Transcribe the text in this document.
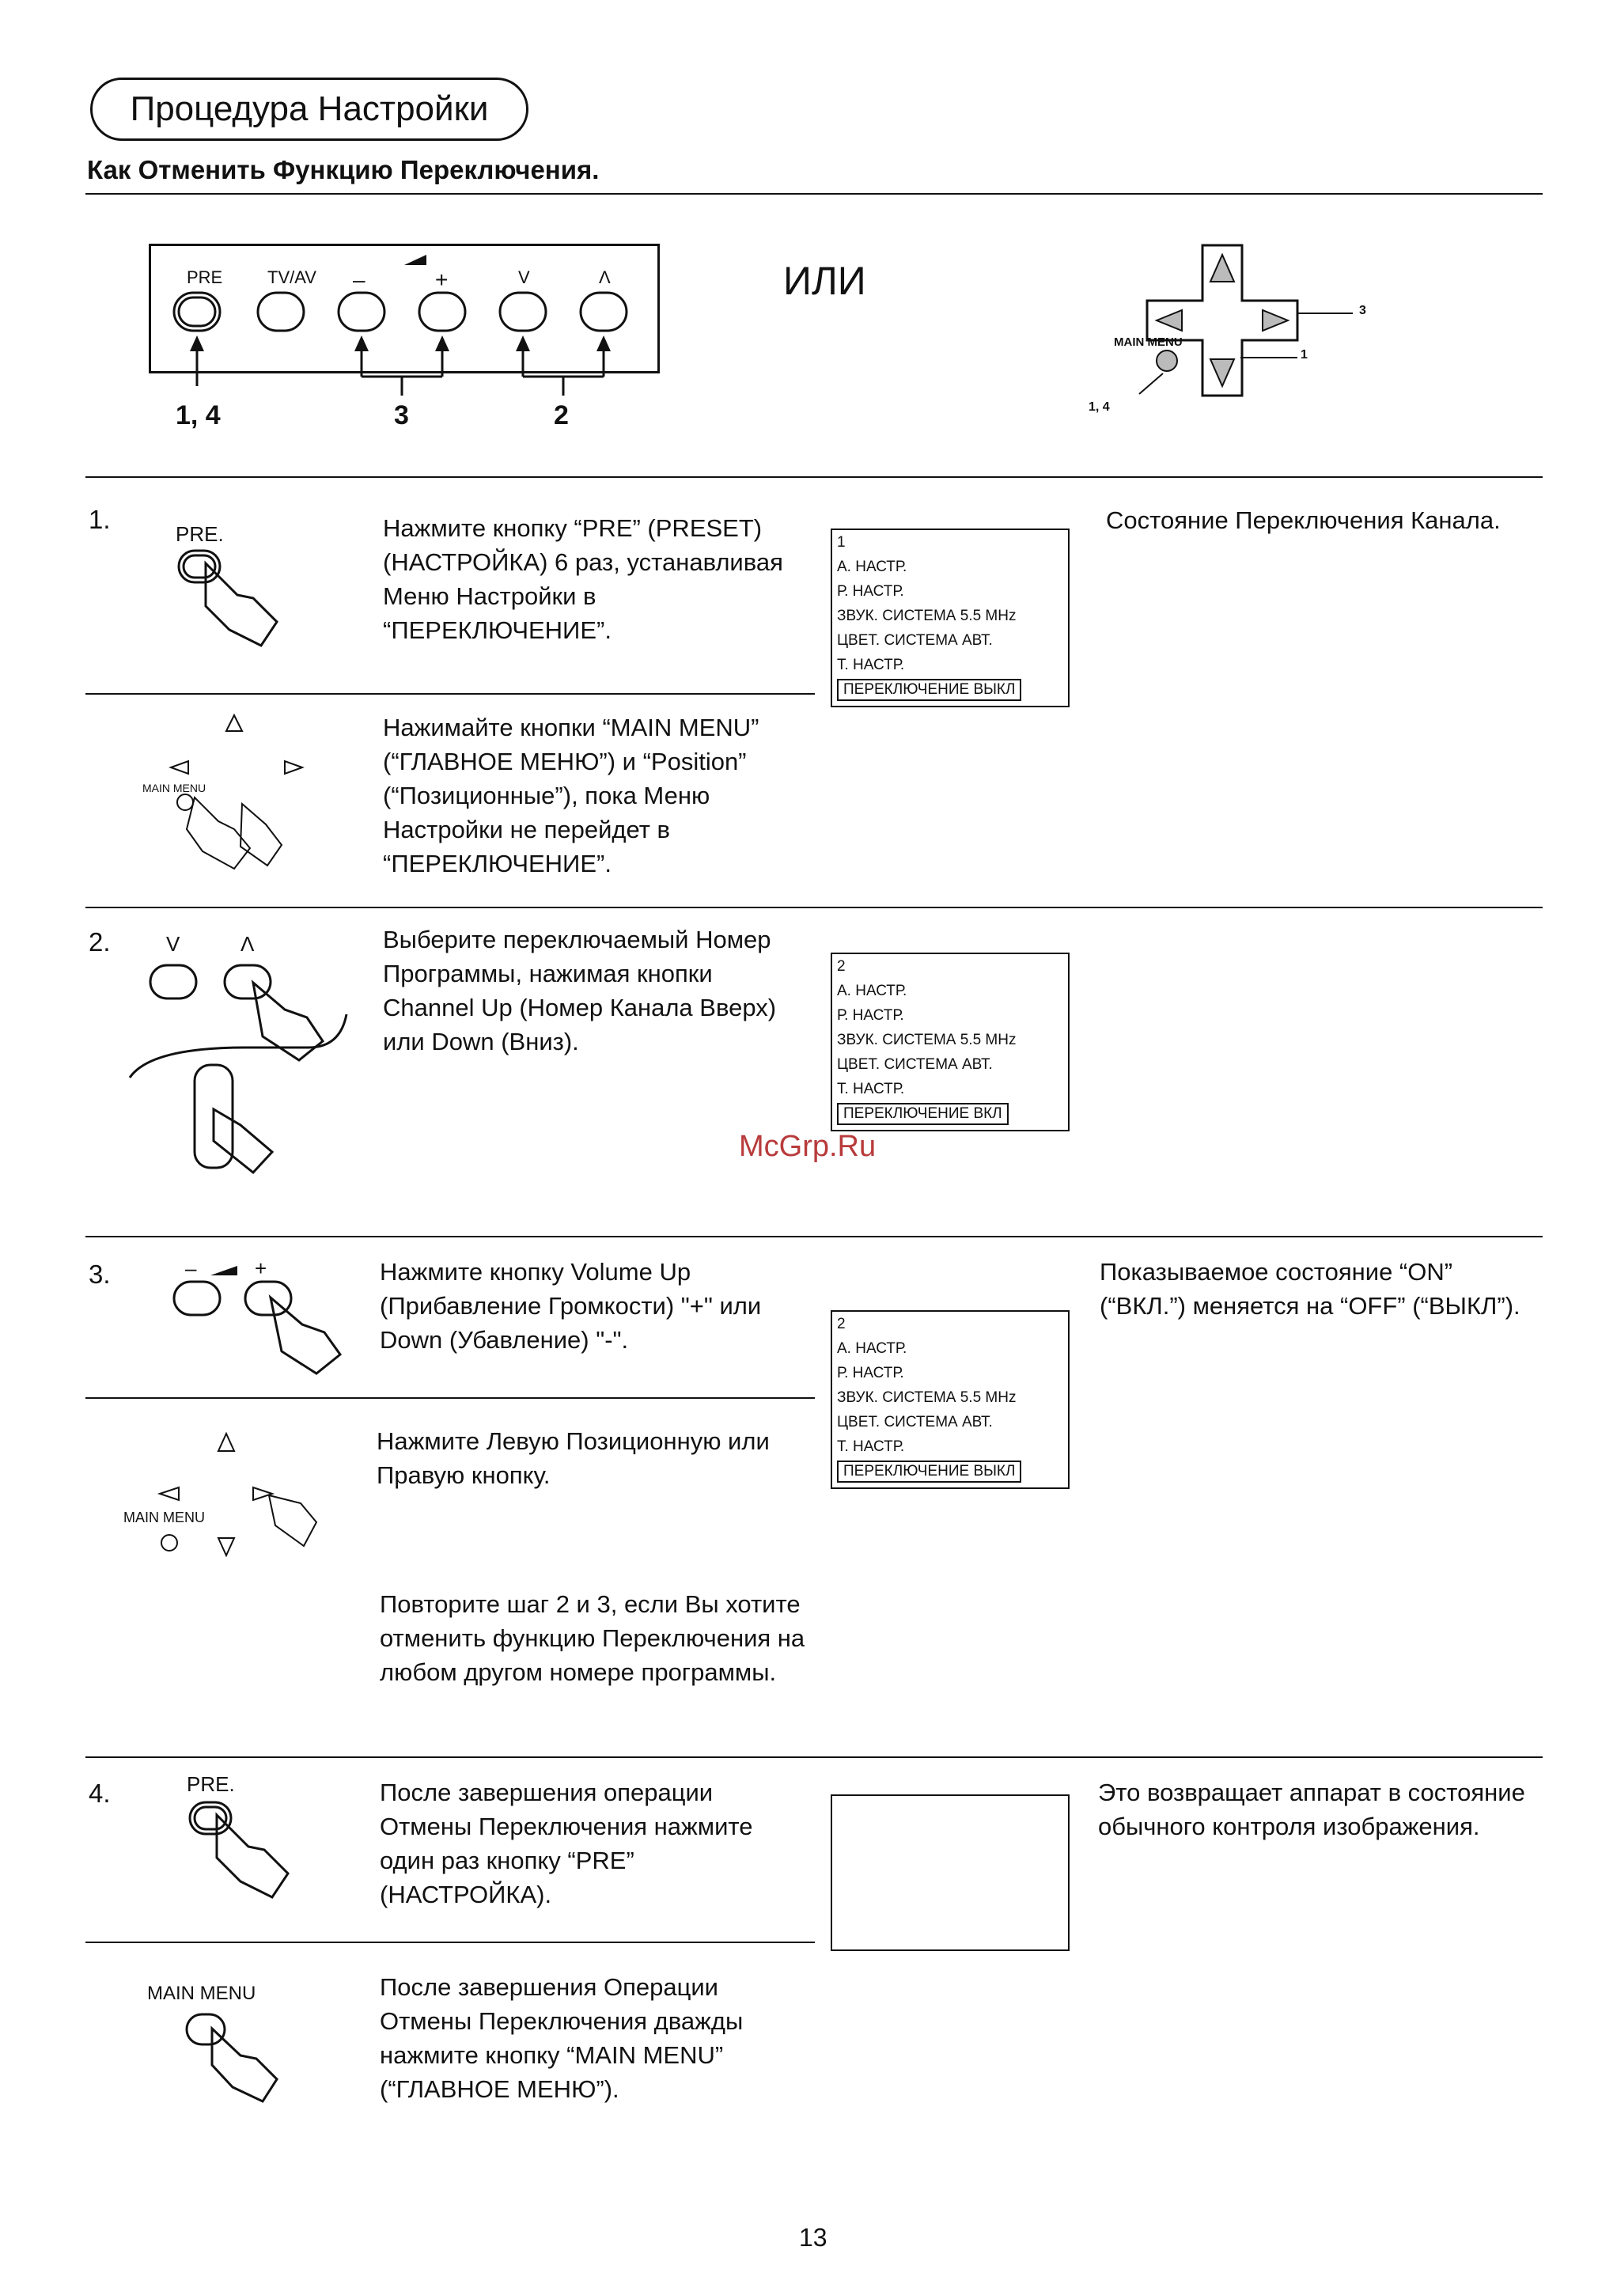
Процедура Настройки
Как Отменить Функцию Переключения.
PRE	TV/AV –	+	V	Λ
1, 4	3	2
ИЛИ
MAIN MENU
3
1
1, 4
1.	PRE.	Нажмите кнопку “PRE” (PRESET) (НАСТРОЙКА) 6 раз, устанавливая Меню Настройки в “ПЕРЕКЛЮЧЕНИЕ”.
1
А. НАСТР.
Р. НАСТР.
ЗВУК. СИСТЕМА 5.5 MHz
ЦВЕТ. СИСТЕМА АВТ.
Т. НАСТР.
ПЕРЕКЛЮЧЕНИЕ ВЫКЛ
Состояние Переключения Канала.
MAIN MENU
Нажимайте кнопки “MAIN MENU” (“ГЛАВНОЕ МЕНЮ”) и “Position” (“Позиционные”), пока Меню Настройки не перейдет в “ПЕРЕКЛЮЧЕНИЕ”.
2.	V	Λ	Выберите переключаемый Номер Программы, нажимая кнопки Channel Up (Номер Канала Вверх) или Down (Вниз).
2
А. НАСТР.
Р. НАСТР.
ЗВУК. СИСТЕМА 5.5 MHz
ЦВЕТ. СИСТЕМА АВТ.
Т. НАСТР.
ПЕРЕКЛЮЧЕНИЕ ВКЛ
McGrp.Ru
3.	–	+	Нажмите кнопку Volume Up (Прибавление Громкости) "+" или Down (Убавление) "-".
2
А. НАСТР.
Р. НАСТР.
ЗВУК. СИСТЕМА 5.5 MHz
ЦВЕТ. СИСТЕМА АВТ.
Т. НАСТР.
ПЕРЕКЛЮЧЕНИЕ ВЫКЛ
Показываемое состояние “ON” (“ВКЛ.”) меняется на “OFF” (“ВЫКЛ”).
MAIN MENU
Нажмите Левую Позиционную или Правую кнопку.
Повторите шаг 2 и 3, если Вы хотите отменить функцию Переключения на любом другом номере программы.
4.	PRE.	После завершения операции Отмены Переключения нажмите один раз кнопку “PRE” (НАСТРОЙКА).
Это возвращает аппарат в состояние обычного контроля изображения.
MAIN MENU	После завершения Операции Отмены Переключения дважды нажмите кнопку “MAIN MENU” (“ГЛАВНОЕ МЕНЮ”).
13
